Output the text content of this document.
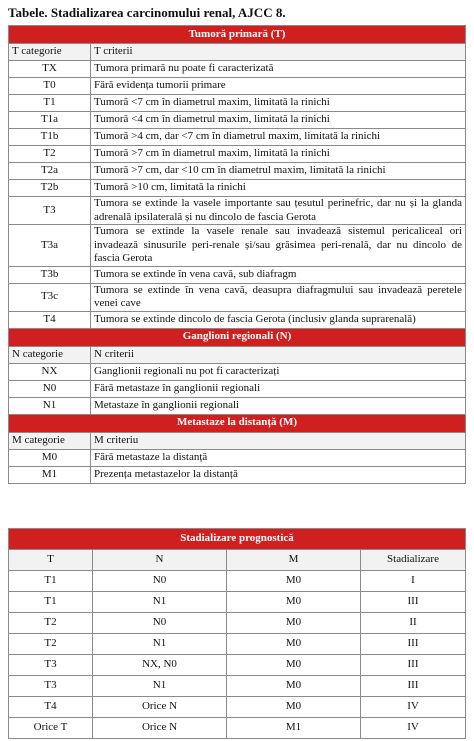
Tabele. Stadializarea carcinomului renal, AJCC 8.
Tumoră primară (T)	
T categorie	T criterii
TX	Tumora primară nu poate fi caracterizată
T0	Fără evidența tumorii primare
T1	Tumoră <7 cm în diametrul maxim, limitată la rinichi
T1a	Tumoră <4 cm în diametrul maxim, limitată la rinichi
T1b	Tumoră >4 cm, dar <7 cm în diametrul maxim, limitată la rinichi
T2	Tumoră >7 cm în diametrul maxim, limitată la rinichi
T2a	Tumoră >7 cm, dar <10 cm în diametrul maxim, limitată la rinichi
T2b	Tumoră >10 cm, limitată la rinichi
T3	Tumora se extinde la vasele importante sau țesutul perinefric, dar nu și la glanda adrenală ipsilaterală și nu dincolo de fascia Gerota
T3a	Tumora se extinde la vasele renale sau invadează sistemul pericaliceal ori invadează sinusurile peri-renale și/sau grăsimea peri-renală, dar nu dincolo de fascia Gerota
T3b	Tumora se extinde în vena cavă, sub diafragm
T3c	Tumora se extinde în vena cavă, deasupra diafragmului sau invadează peretele venei cave
T4	Tumora se extinde dincolo de fascia Gerota (inclusiv glanda suprarenală)
Ganglioni regionali (N)	
N categorie	N criterii
NX	Ganglionii regionali nu pot fi caracterizați
N0	Fără metastaze în ganglionii regionali
N1	Metastaze în ganglionii regionali
Metastaze la distanță (M)	
M categorie	M criteriu
M0	Fără metastaze la distanță
M1	Prezența metastazelor la distanță
Stadializare prognostică			
T	N	M	Stadializare
T1	N0	M0	I
T1	N1	M0	III
T2	N0	M0	II
T2	N1	M0	III
T3	NX, N0	M0	III
T3	N1	M0	III
T4	Orice N	M0	IV
Orice T	Orice N	M1	IV
